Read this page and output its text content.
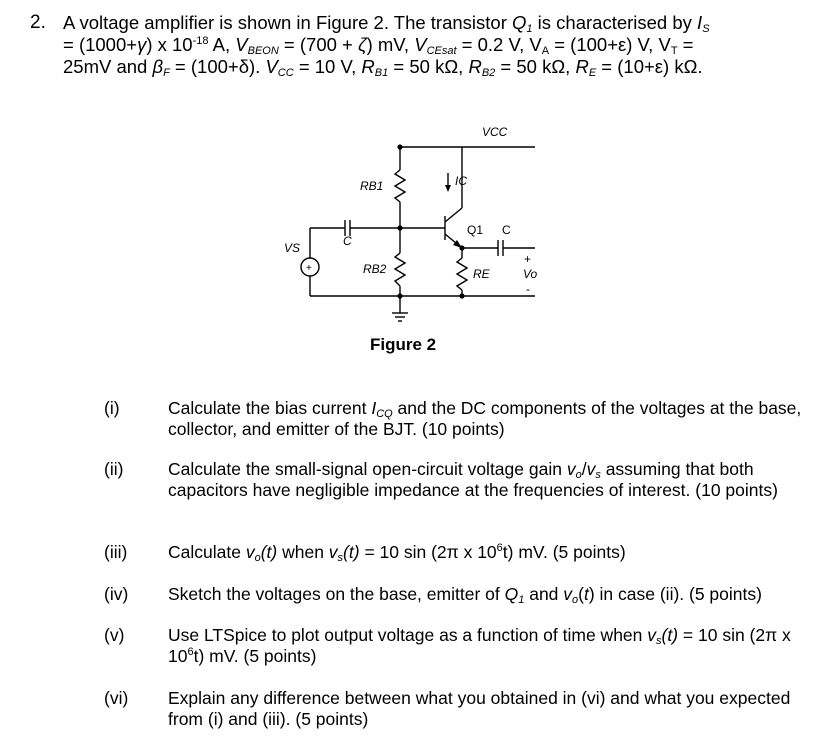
2. A voltage amplifier is shown in Figure 2. The transistor $Q_1$ is characterised by $I_S$

= (1000+γ) x $10^{-18}$ A, $V_{BEON} = (700 + \zeta)$ mV, $V_{CEsat} = 0.2$ V, $V_A = (100+\varepsilon)$ V, $V_T$ =

25mV and $\beta_F = (100+\delta)$. $V_{CC} = 10$ V, $R_{B1} = 50$ kΩ, $R_{B2} = 50$ kΩ, $R_E = (10+\varepsilon)$ kΩ.

VCC
RB1
RB2	RE
IC
C
VS
Vo
Q1 C
+
-
+
Figure 2
(i)	Calculate the bias current $I_{CQ}$ and the DC components of the voltages at the base, collector, and emitter of the BJT. (10 points)
(ii)	Calculate the small-signal open-circuit voltage gain $v_o/v_s$ assuming that both capacitors have negligible impedance at the frequencies of interest. (10 points)
(iii) Calculate $v_o(t)$ when $v_s(t) = 10$ sin (2π x $10^6t$) mV. (5 points)
(iv) Sketch the voltages on the base, emitter of $Q_1$ and $v_o(t)$ in case (ii). (5 points)
(v) Use LTSpice to plot output voltage as a function of time when $v_s(t) = 10$ sin (2π x $10^6t$) mV. (5 points)
(vi) Explain any difference between what you obtained in (vi) and what you expected from (i) and (iii). (5 points)
